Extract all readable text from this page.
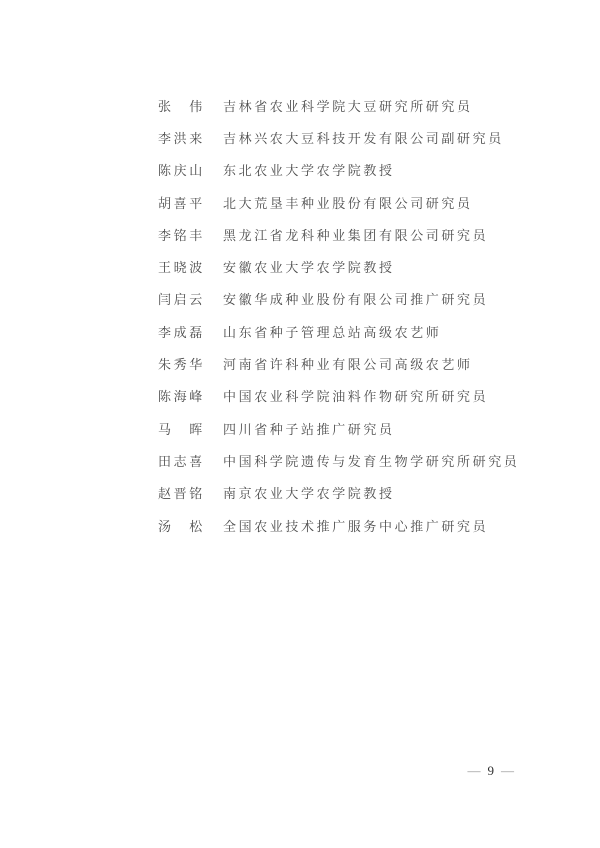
张　伟 吉林省农业科学院大豆研究所研究员
李洪来 吉林兴农大豆科技开发有限公司副研究员
陈庆山 东北农业大学农学院教授
胡喜平 北大荒垦丰种业股份有限公司研究员
李铭丰 黑龙江省龙科种业集团有限公司研究员
王晓波 安徽农业大学农学院教授
闫启云 安徽华成种业股份有限公司推广研究员
李成磊 山东省种子管理总站高级农艺师
朱秀华 河南省许科种业有限公司高级农艺师
陈海峰 中国农业科学院油料作物研究所研究员
马　晖 四川省种子站推广研究员
田志喜 中国科学院遗传与发育生物学研究所研究员
赵晋铭 南京农业大学农学院教授
汤　松 全国农业技术推广服务中心推广研究员
— 9 —
